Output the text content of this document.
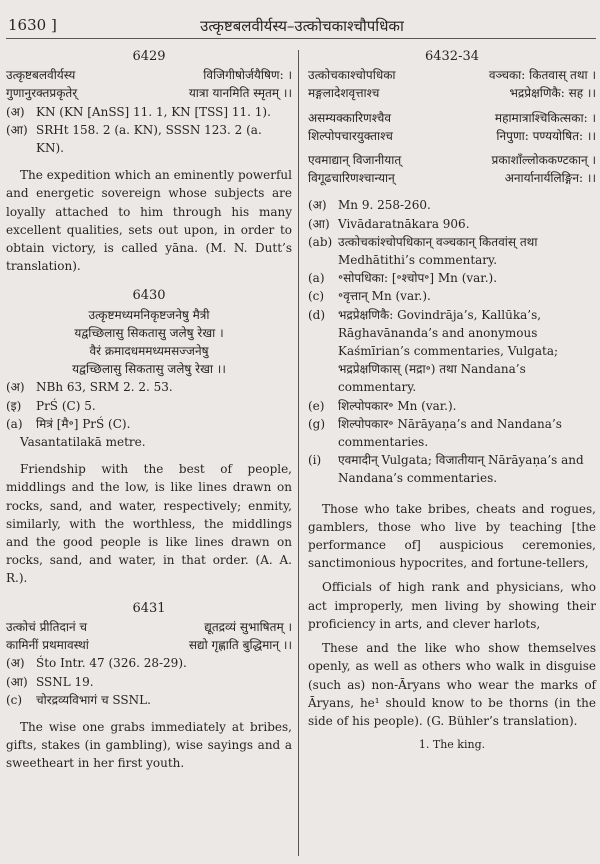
1630 ]	उत्कृष्टबलवीर्यस्य–उत्कोचकाश्चौपधिका
6429
उत्कृष्टबलवीर्यस्य	विजिगीषोर्जयैषिण: ।
गुणानुरक्तप्रकृतेर्	यात्रा यानमिति स्मृतम् ।।
(अ) KN (KN [AnSS] 11. 1, KN [TSS] 11. 1).
(आ) SRHt 158. 2 (a. KN), SSSN 123. 2 (a. KN).
The expedition which an eminently powerful and energetic sovereign whose subjects are loyally attached to him through his many excellent qualities, sets out upon, in order to obtain victory, is called yāna. (M. N. Dutt’s translation).
6430
उत्कृष्टमध्यमनिकृष्टजनेषु मैत्री
यद्वच्छिलासु सिकतासु जलेषु रेखा ।
वैरं क्रमादधममध्यमसज्जनेषु
यद्वच्छिलासु सिकतासु जलेषु रेखा ।।
(अ) NBh 63, SRM 2. 2. 53.
(इ)	PrŚ (C) 5.
(a)	मित्रं [मै॰] PrŚ (C).
Vasantatilakā metre.
Friendship with the best of people, middlings and the low, is like lines drawn on rocks, sand, and water, respectively; enmity, similarly, with the worthless, the middlings and the good people is like lines drawn on rocks, sand, and water, in that order. (A. A. R.).
6431
उत्कोचं प्रीतिदानं च	द्यूतद्रव्यं सुभाषितम् ।
कामिनीं प्रथमावस्थां	सद्यो गृह्णाति बुद्धिमान् ।।
(अ) Śto Intr. 47 (326. 28-29).
(आ) SSNL 19.
(c)	चोरद्रव्यविभागं च SSNL.
The wise one grabs immediately at bribes, gifts, stakes (in gambling), wise sayings and a sweetheart in her first youth.
6432-34
उत्कोचकाश्चोपधिका	वञ्चका: कितवास् तथा ।
मङ्गलादेशवृत्ताश्च	भद्रप्रेक्षणिकै: सह ।।
असम्यक्कारिणश्चैव	महामात्राश्चिकित्सका: ।
शिल्पोपचारयुक्ताश्च	निपुणा: पण्ययोषित: ।।
एवमाद्यान् विजानीयात्	प्रकाशाँल्लोककण्टकान् ।
विगूढचारिणश्चान्यान्	अनार्यानार्यलिङ्गिन: ।।
(अ) Mn 9. 258-260.
(आ) Vivādaratnākara 906.
(ab) उत्कोचकांश्चोपधिकान् वञ्चकान् कितवांस् तथा Medhātithi’s commentary.
(a)	॰सोपधिका: [॰श्चोप॰] Mn (var.).
(c)	॰वृत्तान् Mn (var.).
(d)	भद्रप्रेक्षणिकै: Govindrāja’s, Kallūka’s, Rāghavānanda’s and anonymous Kaśmīrian’s commentaries, Vulgata; भद्रप्रेक्षणिकास् (मद्रा॰) तथा Nandana’s commentary.
(e)	शिल्पोपकार॰ Mn (var.).
(g)	शिल्पोपकार॰ Nārāyaṇa’s and Nandana’s commentaries.
(i)	एवमादीन् Vulgata; विजातीयान् Nārāyaṇa’s and Nandana’s commentaries.
Those who take bribes, cheats and rogues, gamblers, those who live by teaching [the performance of] auspicious ceremonies, sanctimonious hypocrites, and fortune-tellers,
Officials of high rank and physicians, who act improperly, men living by showing their proficiency in arts, and clever harlots,
These and the like who show themselves openly, as well as others who walk in disguise (such as) non-Āryans who wear the marks of Āryans, he¹ should know to be thorns (in the side of his people). (G. Bühler’s translation).
1. The king.
